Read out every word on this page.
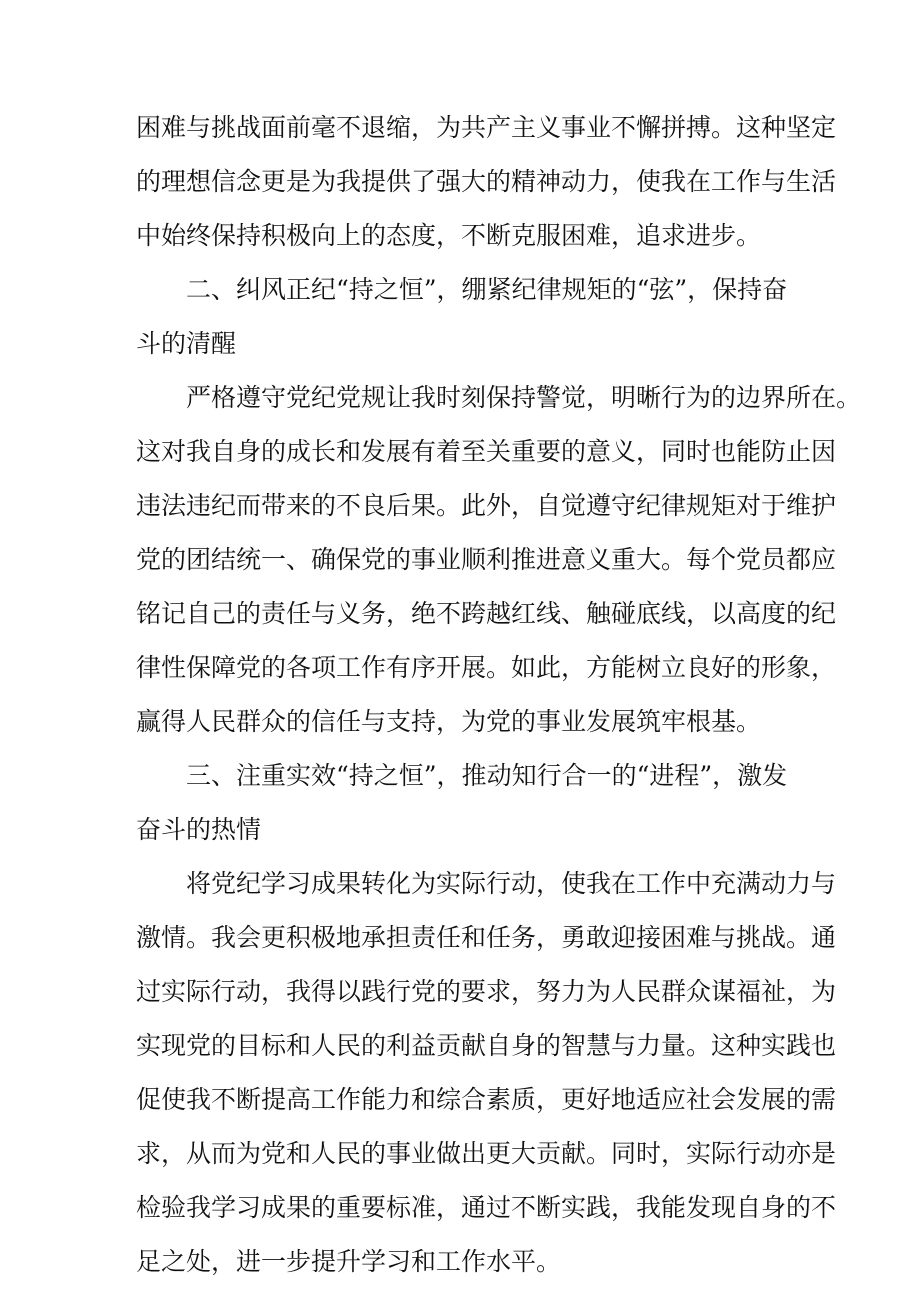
困难与挑战面前毫不退缩，为共产主义事业不懈拼搏。这种坚定
的理想信念更是为我提供了强大的精神动力，使我在工作与生活
中始终保持积极向上的态度，不断克服困难，追求进步。
二、纠风正纪“持之恒”，绷紧纪律规矩的“弦”，保持奋
斗的清醒
严格遵守党纪党规让我时刻保持警觉，明晰行为的边界所在。
这对我自身的成长和发展有着至关重要的意义，同时也能防止因
违法违纪而带来的不良后果。此外，自觉遵守纪律规矩对于维护
党的团结统一、确保党的事业顺利推进意义重大。每个党员都应
铭记自己的责任与义务，绝不跨越红线、触碰底线，以高度的纪
律性保障党的各项工作有序开展。如此，方能树立良好的形象，
赢得人民群众的信任与支持，为党的事业发展筑牢根基。
三、注重实效“持之恒”，推动知行合一的“进程”，激发
奋斗的热情
将党纪学习成果转化为实际行动，使我在工作中充满动力与
激情。我会更积极地承担责任和任务，勇敢迎接困难与挑战。通
过实际行动，我得以践行党的要求，努力为人民群众谋福祉，为
实现党的目标和人民的利益贡献自身的智慧与力量。这种实践也
促使我不断提高工作能力和综合素质，更好地适应社会发展的需
求，从而为党和人民的事业做出更大贡献。同时，实际行动亦是
检验我学习成果的重要标准，通过不断实践，我能发现自身的不
足之处，进一步提升学习和工作水平。
